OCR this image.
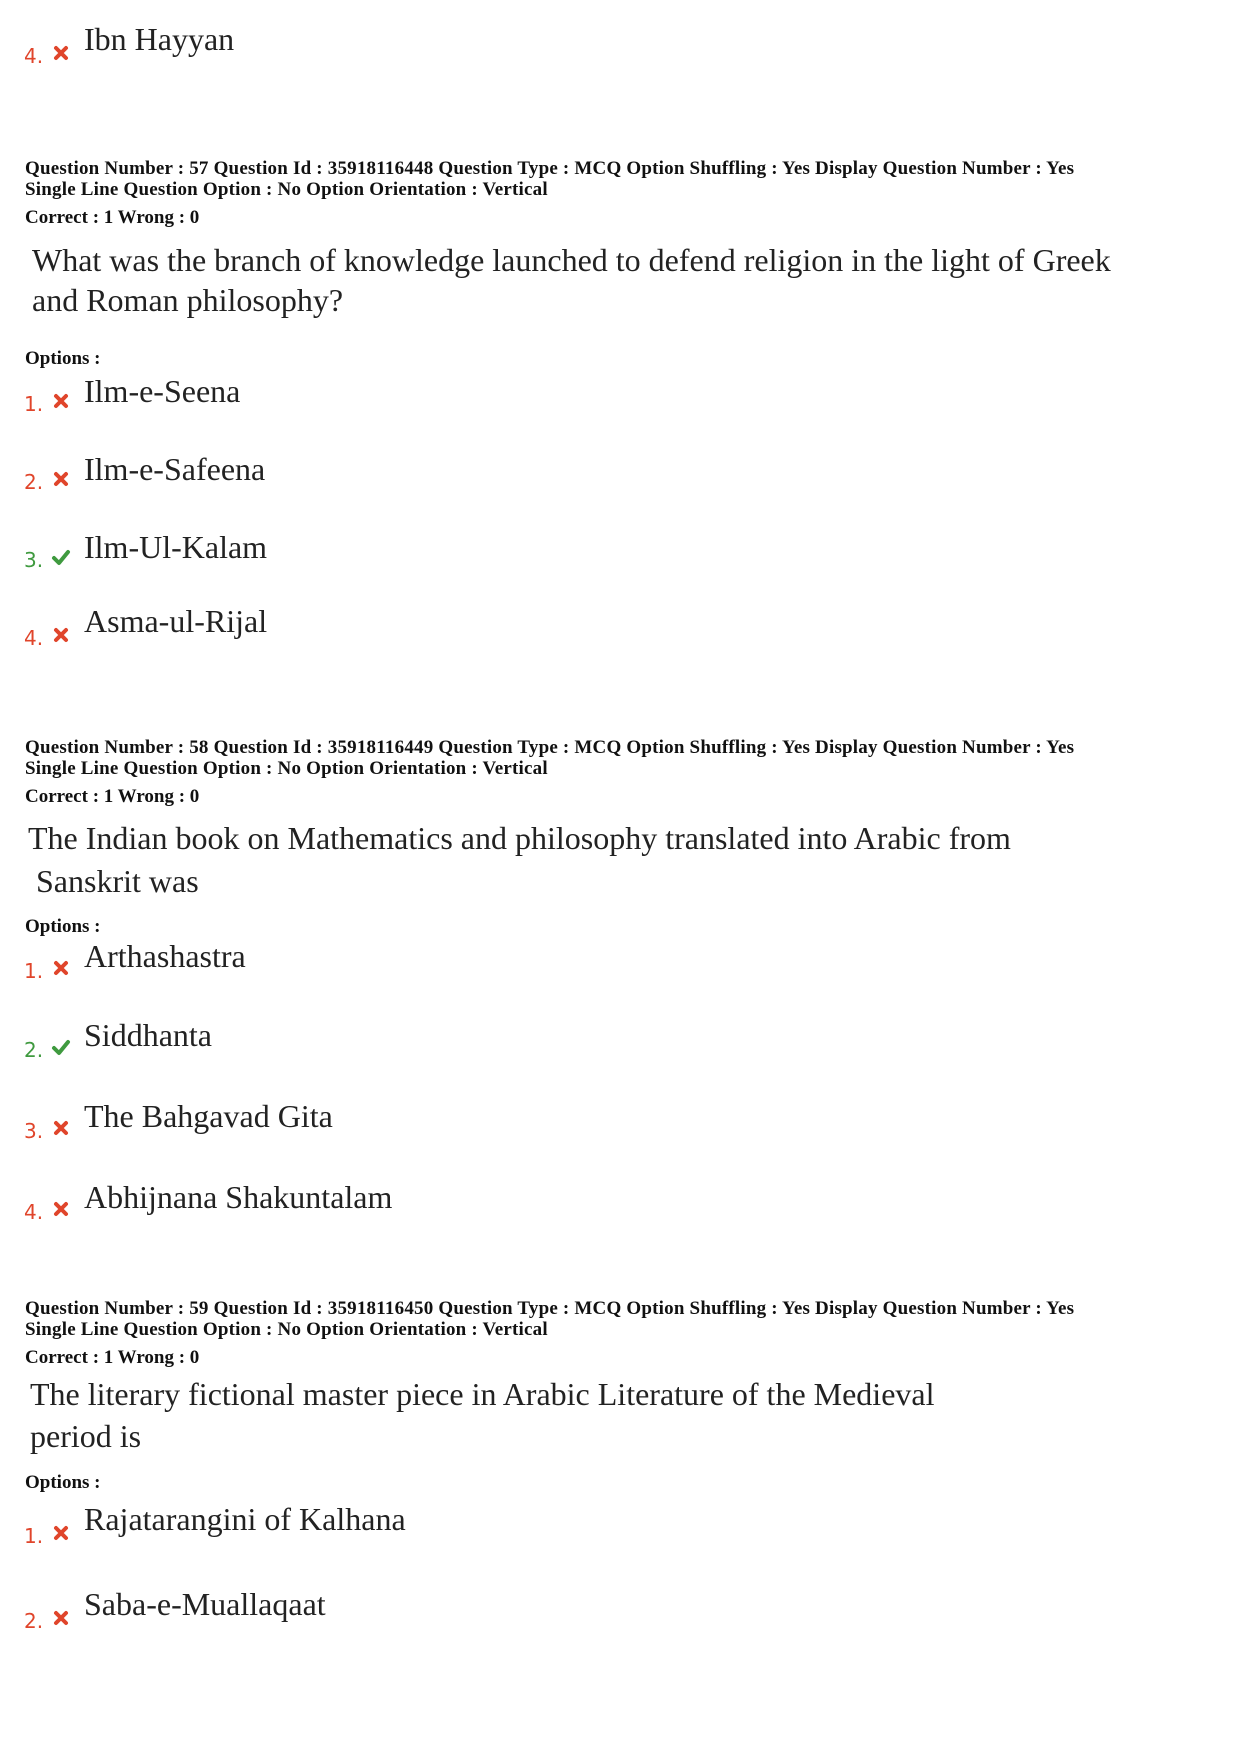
4. Ibn Hayyan
Question Number : 57 Question Id : 35918116448 Question Type : MCQ Option Shuffling : Yes Display Question Number : Yes
Single Line Question Option : No Option Orientation : Vertical
Correct : 1 Wrong : 0
What was the branch of knowledge launched to defend religion in the light of Greek
and Roman philosophy?
Options :
1. Ilm-e-Seena
2. Ilm-e-Safeena
3. Ilm-Ul-Kalam
4. Asma-ul-Rijal
Question Number : 58 Question Id : 35918116449 Question Type : MCQ Option Shuffling : Yes Display Question Number : Yes
Single Line Question Option : No Option Orientation : Vertical
Correct : 1 Wrong : 0
The Indian book on Mathematics and philosophy translated into Arabic from
Sanskrit was
Options :
1. Arthashastra
2. Siddhanta
3. The Bahgavad Gita
4. Abhijnana Shakuntalam
Question Number : 59 Question Id : 35918116450 Question Type : MCQ Option Shuffling : Yes Display Question Number : Yes
Single Line Question Option : No Option Orientation : Vertical
Correct : 1 Wrong : 0
The literary fictional master piece in Arabic Literature of the Medieval
period is
Options :
1. Rajatarangini of Kalhana
2. Saba-e-Muallaqaat
